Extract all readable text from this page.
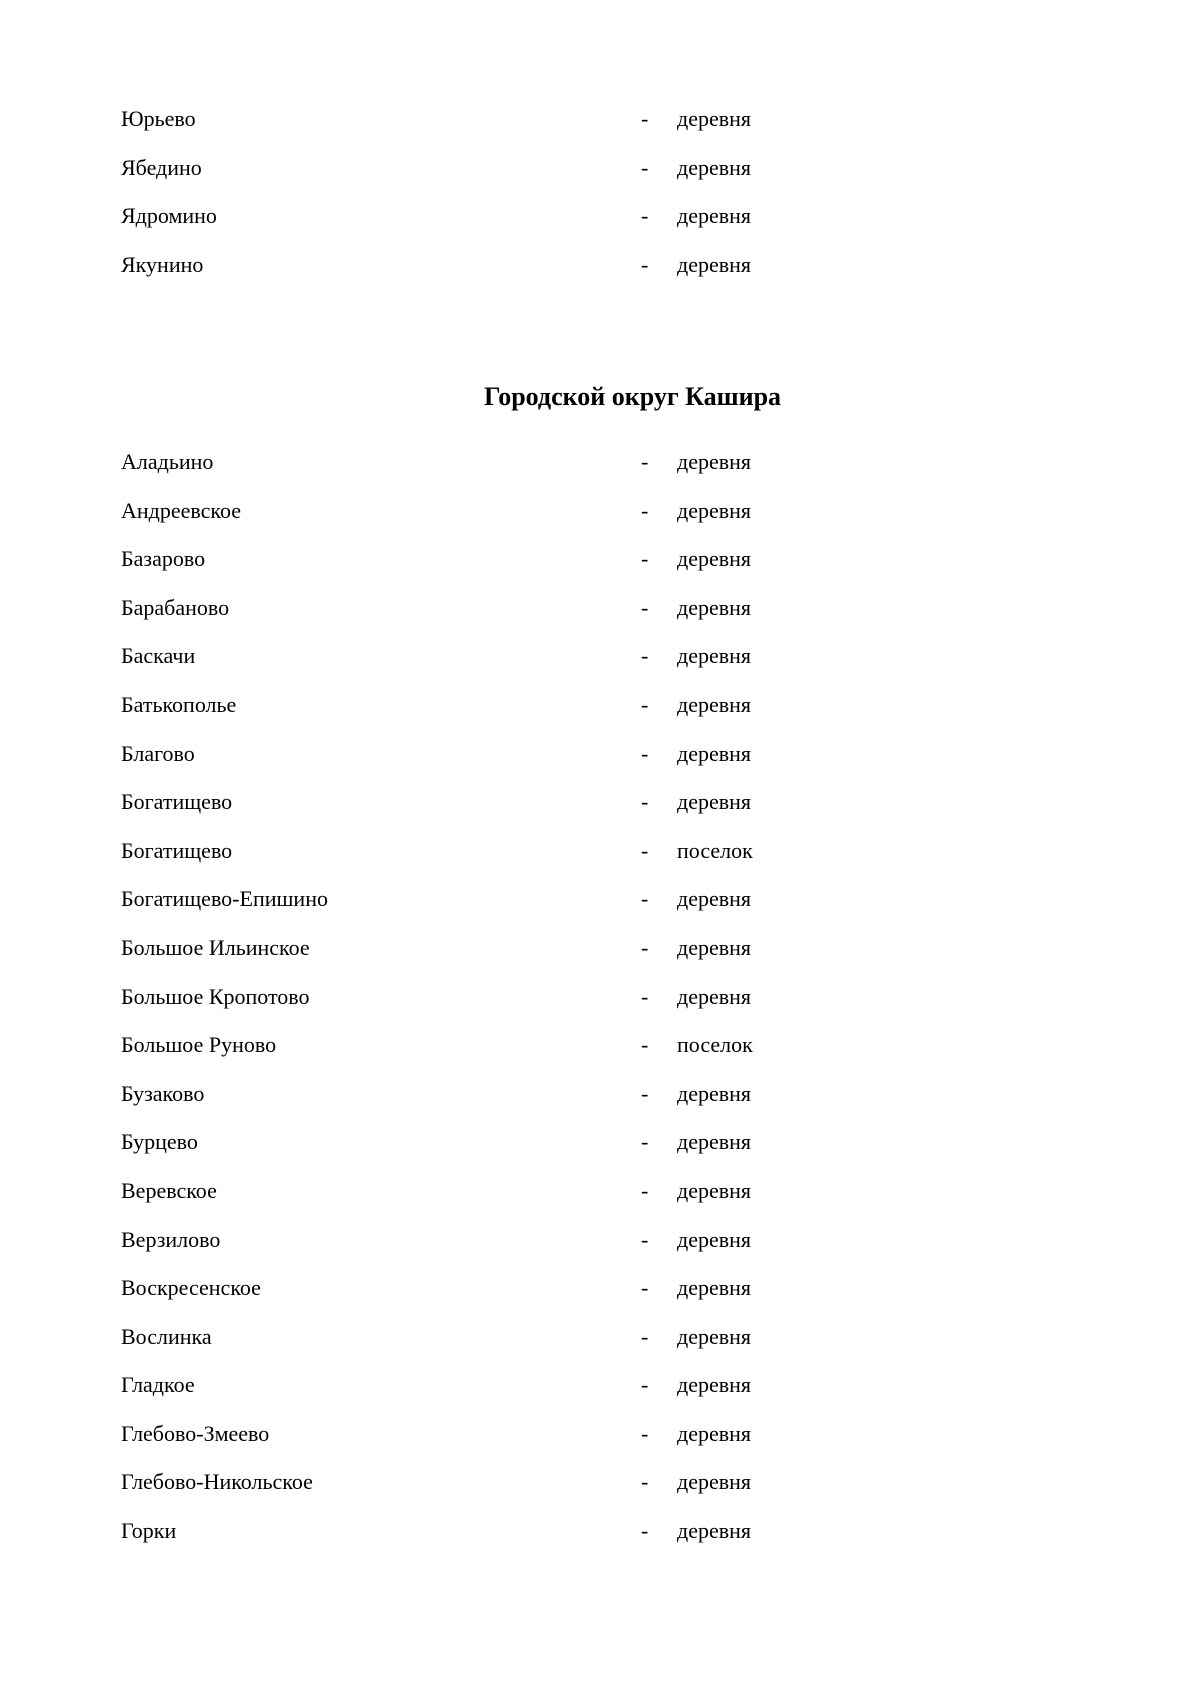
Юрьево	- деревня
Ябедино	- деревня
Ядромино	- деревня
Якунино	- деревня
Городской округ Кашира
Аладьино	- деревня
Андреевское	- деревня
Базарово	- деревня
Барабаново	- деревня
Баскачи	- деревня
Батькополье	- деревня
Благово	- деревня
Богатищево	- деревня
Богатищево	- поселок
Богатищево-Епишино	- деревня
Большое Ильинское	- деревня
Большое Кропотово	- деревня
Большое Руново	- поселок
Бузаково	- деревня
Бурцево	- деревня
Веревское	- деревня
Верзилово	- деревня
Воскресенское	- деревня
Вослинка	- деревня
Гладкое	- деревня
Глебово-Змеево	- деревня
Глебово-Никольское	- деревня
Горки	- деревня
